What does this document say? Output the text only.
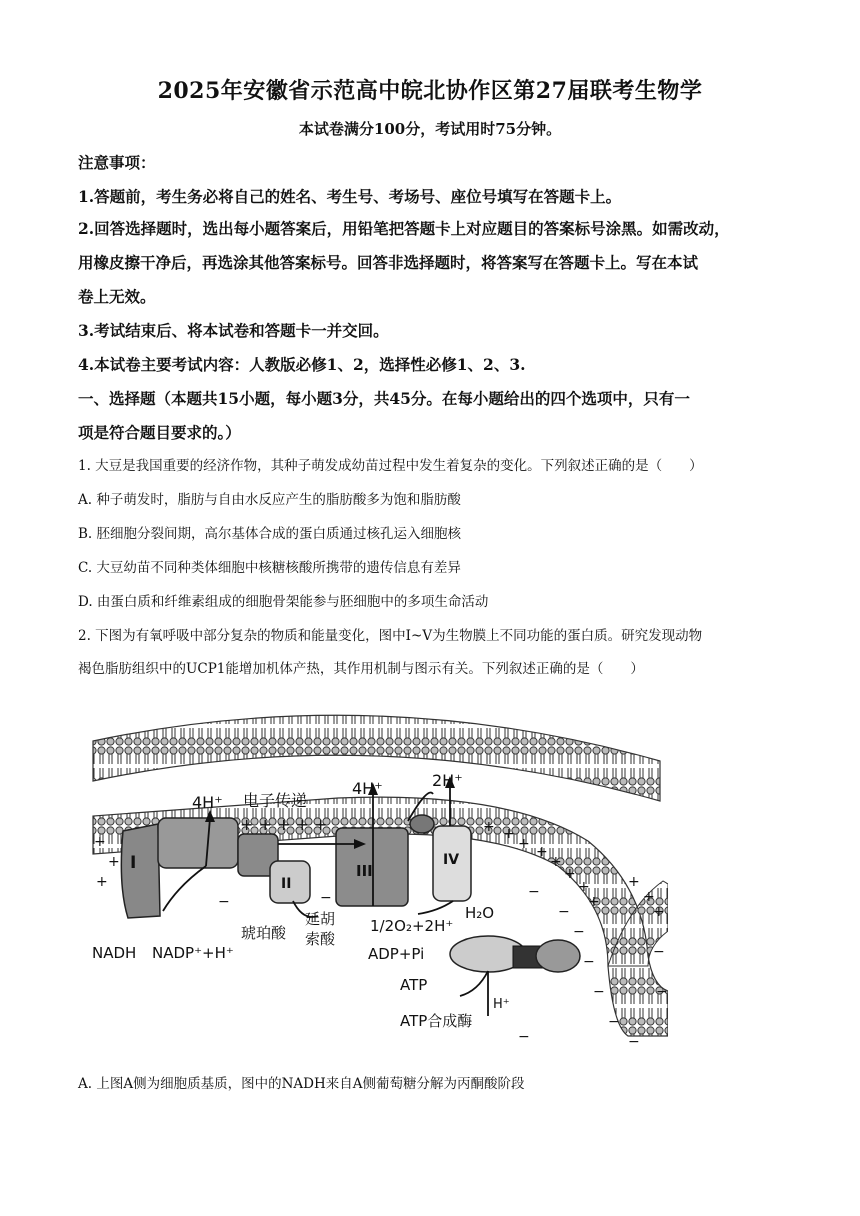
2025年安徽省示范高中皖北协作区第27届联考生物学
本试卷满分100分，考试用时75分钟。
注意事项：
1.答题前，考生务必将自己的姓名、考生号、考场号、座位号填写在答题卡上。
2.回答选择题时，选出每小题答案后，用铅笔把答题卡上对应题目的答案标号涂黑。如需改动，
用橡皮擦干净后，再选涂其他答案标号。回答非选择题时，将答案写在答题卡上。写在本试
卷上无效。
3.考试结束后、将本试卷和答题卡一并交回。
4.本试卷主要考试内容：人教版必修1、2，选择性必修1、2、3.
一、选择题（本题共15小题，每小题3分，共45分。在每小题给出的四个选项中，只有一
项是符合题目要求的。）
1. 大豆是我国重要的经济作物，其种子萌发成幼苗过程中发生着复杂的变化。下列叙述正确的是（　　）
A. 种子萌发时，脂肪与自由水反应产生的脂肪酸多为饱和脂肪酸
B. 胚细胞分裂间期，高尔基体合成的蛋白质通过核孔运入细胞核
C. 大豆幼苗不同种类体细胞中核糖核酸所携带的遗传信息有差异
D. 由蛋白质和纤维素组成的细胞骨架能参与胚细胞中的多项生命活动
2. 下图为有氧呼吸中部分复杂的物质和能量变化，图中Ⅰ~Ⅴ为生物膜上不同功能的蛋白质。研究发现动物
褐色脂肪组织中的UCP1能增加机体产热，其作用机制与图示有关。下列叙述正确的是（　　）
I
II
III
IV
4H⁺ 电子传递
4H⁺	2H⁺
+ + + + +
NADH NADP⁺+H⁺
琥珀酸
延胡
索酸
1/2O₂+2H⁺
H₂O
ADP+Pi
ATP
H⁺
ATP合成酶
+
+
+
+ +
+ +
+
+
+
+
+
+
+
−	−	−
−
−
−
−
−
−
−
−
−
A. 上图A侧为细胞质基质，图中的NADH来自A侧葡萄糖分解为丙酮酸阶段
